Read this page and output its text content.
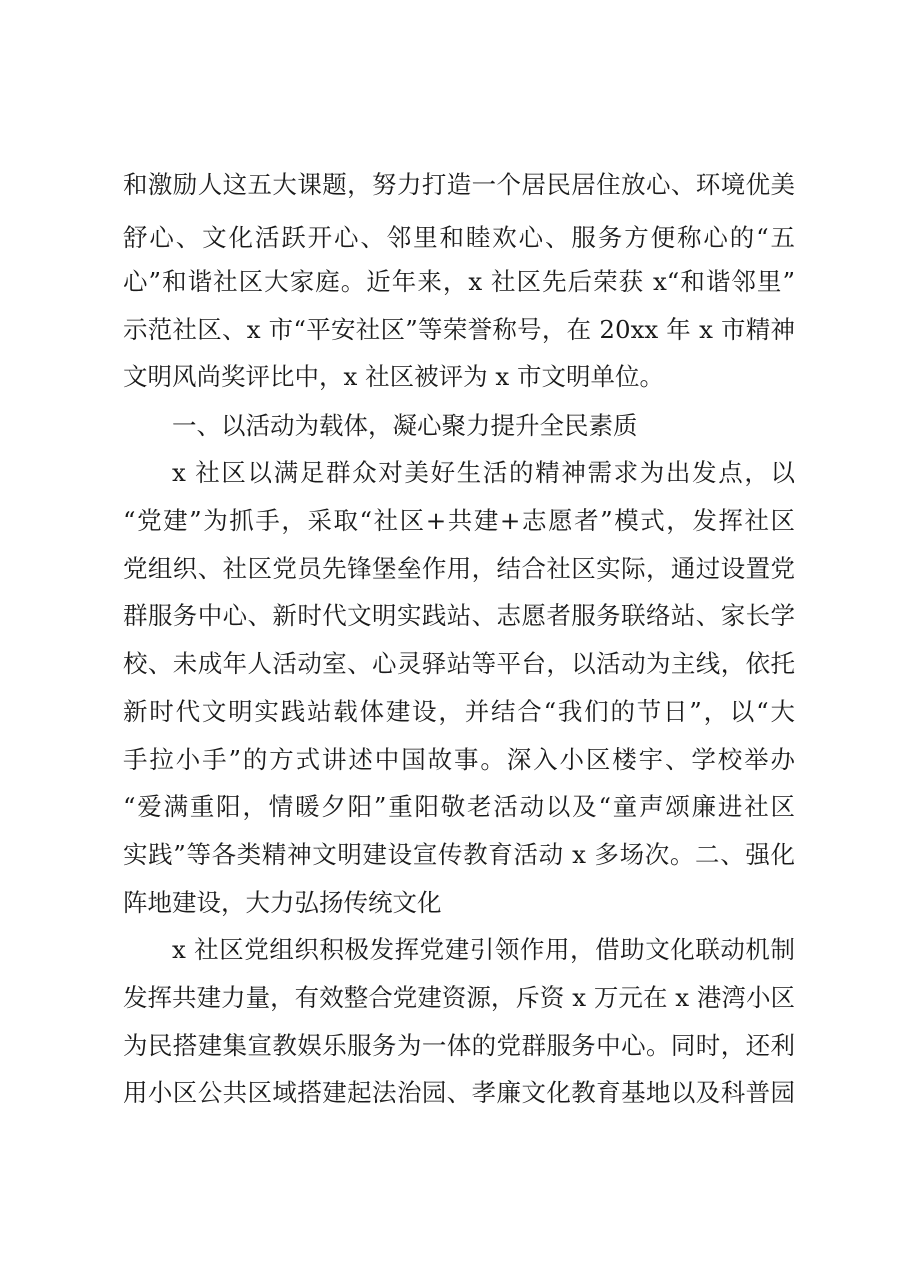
和激励人这五大课题，努力打造一个居民居住放心、环境优美
舒心、文化活跃开心、邻里和睦欢心、服务方便称心的“五
心”和谐社区大家庭。近年来，x 社区先后荣获 x“和谐邻里”
示范社区、x 市“平安社区”等荣誉称号，在 20xx 年 x 市精神
文明风尚奖评比中，x 社区被评为 x 市文明单位。
一、以活动为载体，凝心聚力提升全民素质
x 社区以满足群众对美好生活的精神需求为出发点，以
“党建”为抓手，采取“社区+共建+志愿者”模式，发挥社区
党组织、社区党员先锋堡垒作用，结合社区实际，通过设置党
群服务中心、新时代文明实践站、志愿者服务联络站、家长学
校、未成年人活动室、心灵驿站等平台，以活动为主线，依托
新时代文明实践站载体建设，并结合“我们的节日”，以“大
手拉小手”的方式讲述中国故事。深入小区楼宇、学校举办
“爱满重阳，情暖夕阳”重阳敬老活动以及“童声颂廉进社区
实践”等各类精神文明建设宣传教育活动 x 多场次。二、强化
阵地建设，大力弘扬传统文化
x 社区党组织积极发挥党建引领作用，借助文化联动机制
发挥共建力量，有效整合党建资源，斥资 x 万元在 x 港湾小区
为民搭建集宣教娱乐服务为一体的党群服务中心。同时，还利
用小区公共区域搭建起法治园、孝廉文化教育基地以及科普园
